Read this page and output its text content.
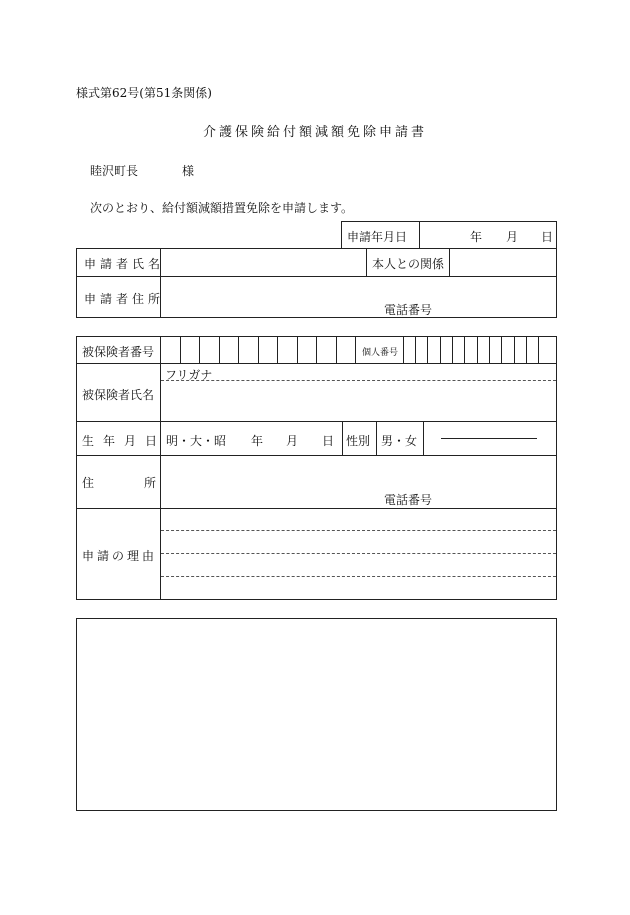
様式第62号(第51条関係)
介護保険給付額減額免除申請書
睦沢町長	様
次のとおり、給付額減額措置免除を申請します。
申請年月日	年 月 日
申請者氏名	本人との関係
申請者住所
電話番号
被保険者番号	個人番号
フリガナ
被保険者氏名
生年月日 明・大・昭 年 月 日 性別 男・女
住	所
電話番号
申請の理由
